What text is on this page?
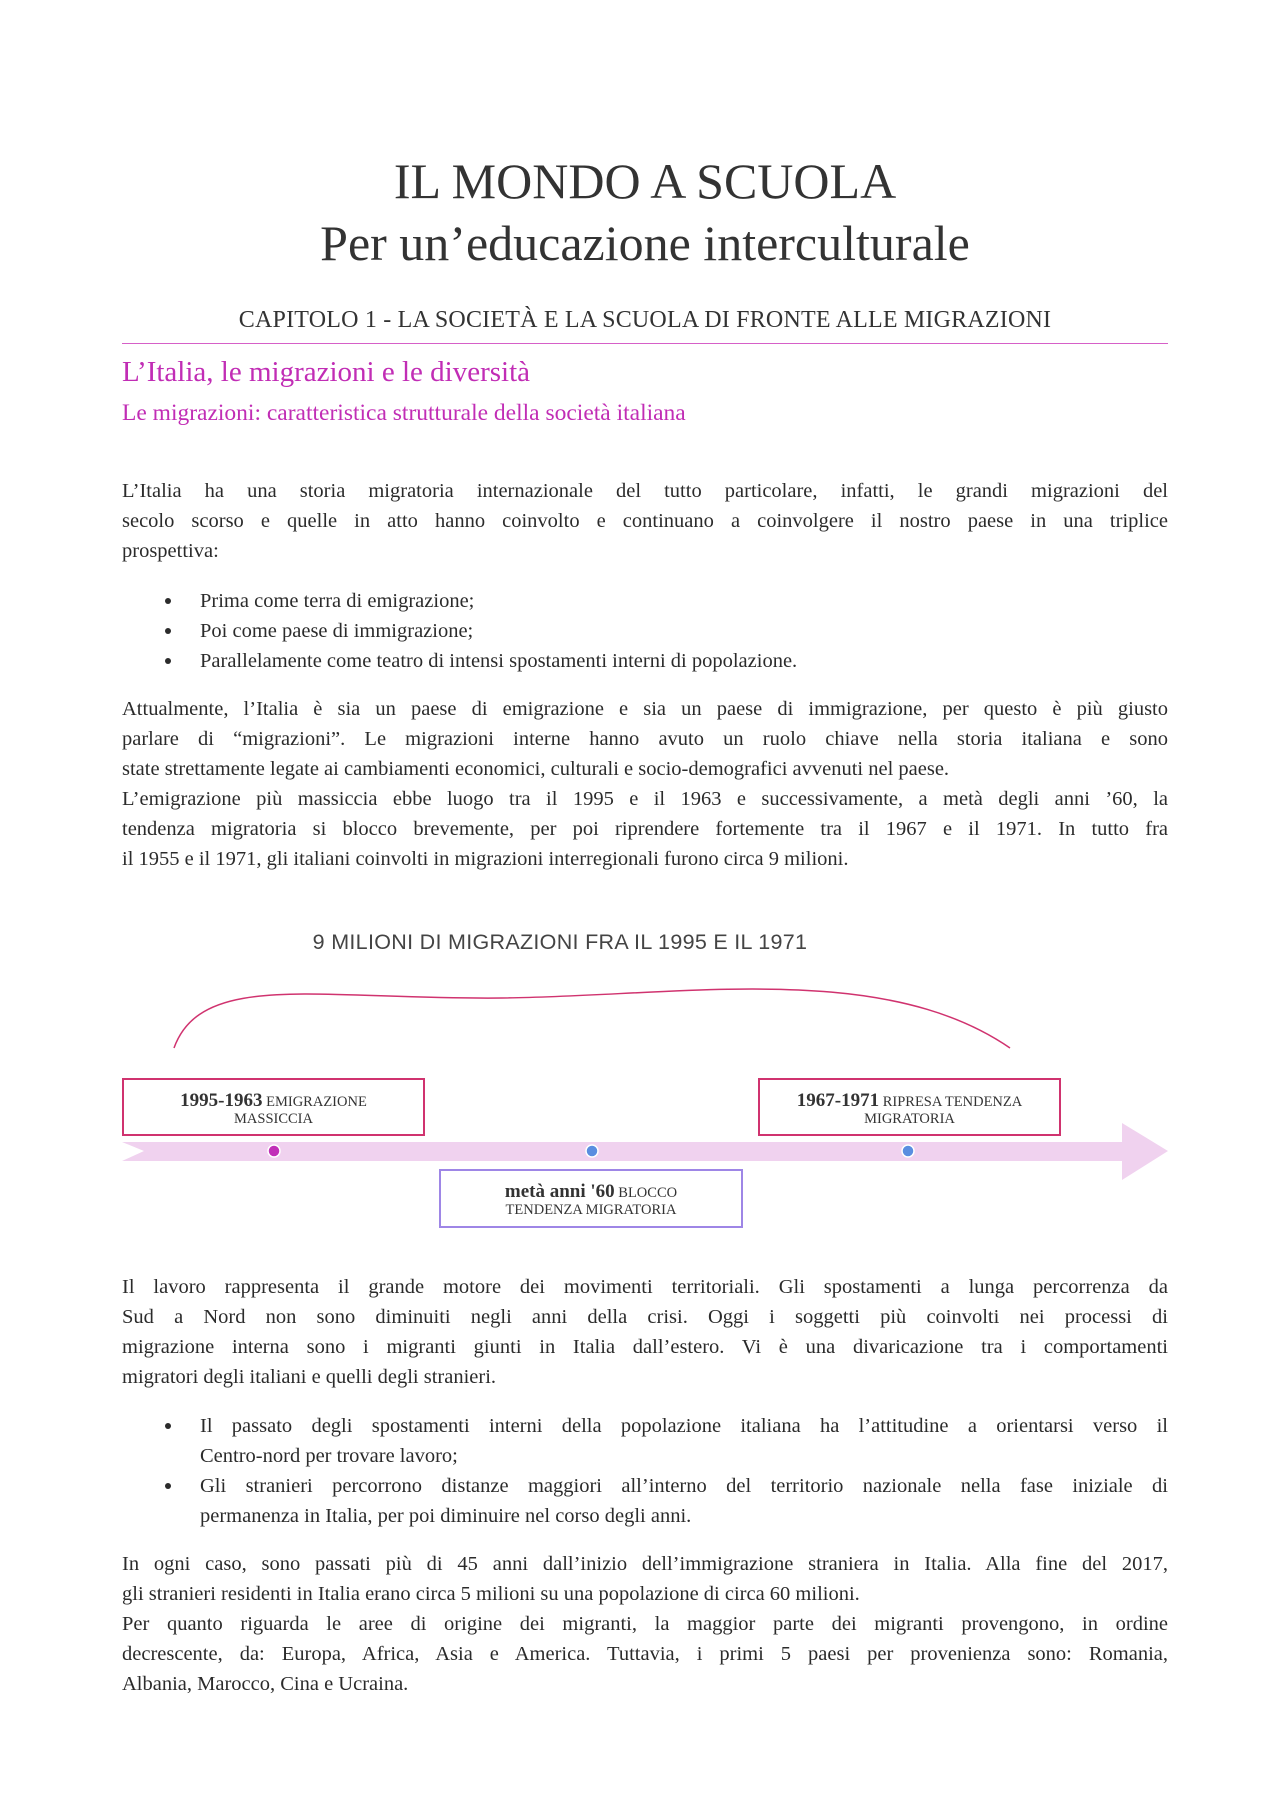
IL MONDO A SCUOLA
Per un’educazione interculturale
CAPITOLO 1 - LA SOCIETÀ E LA SCUOLA DI FRONTE ALLE MIGRAZIONI
L’Italia, le migrazioni e le diversità
Le migrazioni: caratteristica strutturale della società italiana
L’Italia ha una storia migratoria internazionale del tutto particolare, infatti, le grandi migrazioni del
secolo scorso e quelle in atto hanno coinvolto e continuano a coinvolgere il nostro paese in una triplice
prospettiva:
Prima come terra di emigrazione;
Poi come paese di immigrazione;
Parallelamente come teatro di intensi spostamenti interni di popolazione.
Attualmente, l’Italia è sia un paese di emigrazione e sia un paese di immigrazione, per questo è più giusto
parlare di “migrazioni”. Le migrazioni interne hanno avuto un ruolo chiave nella storia italiana e sono
state strettamente legate ai cambiamenti economici, culturali e socio-demografici avvenuti nel paese.
L’emigrazione più massiccia ebbe luogo tra il 1995 e il 1963 e successivamente, a metà degli anni ’60, la
tendenza migratoria si blocco brevemente, per poi riprendere fortemente tra il 1967 e il 1971. In tutto fra
il 1955 e il 1971, gli italiani coinvolti in migrazioni interregionali furono circa 9 milioni.
9 MILIONI DI MIGRAZIONI FRA IL 1995 E IL 1971
1995-1963 EMIGRAZIONE
MASSICCIA
metà anni '60 BLOCCO
TENDENZA MIGRATORIA
1967-1971 RIPRESA TENDENZA
MIGRATORIA
Il lavoro rappresenta il grande motore dei movimenti territoriali. Gli spostamenti a lunga percorrenza da
Sud a Nord non sono diminuiti negli anni della crisi. Oggi i soggetti più coinvolti nei processi di
migrazione interna sono i migranti giunti in Italia dall’estero. Vi è una divaricazione tra i comportamenti
migratori degli italiani e quelli degli stranieri.
Il passato degli spostamenti interni della popolazione italiana ha l’attitudine a orientarsi verso il
Centro-nord per trovare lavoro;
Gli stranieri percorrono distanze maggiori all’interno del territorio nazionale nella fase iniziale di
permanenza in Italia, per poi diminuire nel corso degli anni.
In ogni caso, sono passati più di 45 anni dall’inizio dell’immigrazione straniera in Italia. Alla fine del 2017,
gli stranieri residenti in Italia erano circa 5 milioni su una popolazione di circa 60 milioni.
Per quanto riguarda le aree di origine dei migranti, la maggior parte dei migranti provengono, in ordine
decrescente, da: Europa, Africa, Asia e America. Tuttavia, i primi 5 paesi per provenienza sono: Romania,
Albania, Marocco, Cina e Ucraina.
